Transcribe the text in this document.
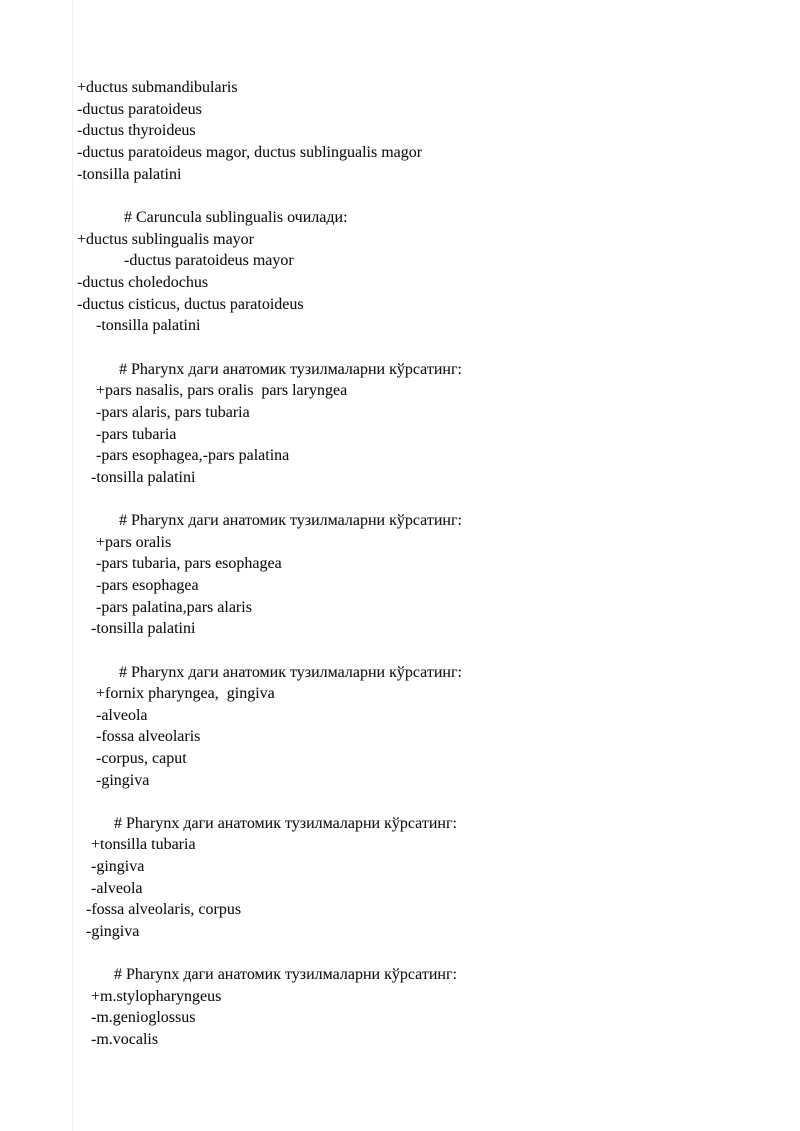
+ductus submandibularis
-ductus paratoideus
-ductus thyroideus
-ductus paratoideus magor, ductus sublingualis magor
-tonsilla palatini
# Caruncula sublingualis очилади:
+ductus sublingualis mayor
-ductus paratoideus mayor
-ductus choledochus
-ductus cisticus, ductus paratoideus
-tonsilla palatini
# Pharynx даги анатомик тузилмаларни кўрсатинг:
+pars nasalis, pars oralis  pars laryngea
-pars alaris, pars tubaria
-pars tubaria
-pars esophagea,-pars palatina
-tonsilla palatini
# Pharynx даги анатомик тузилмаларни кўрсатинг:
+pars oralis
-pars tubaria, pars esophagea
-pars esophagea
-pars palatina,pars alaris
-tonsilla palatini
# Pharynx даги анатомик тузилмаларни кўрсатинг:
+fornix pharyngea,  gingiva
-alveola
-fossa alveolaris
-corpus, caput
-gingiva
# Pharynx даги анатомик тузилмаларни кўрсатинг:
+tonsilla tubaria
-gingiva
-alveola
-fossa alveolaris, corpus
-gingiva
# Pharynx даги анатомик тузилмаларни кўрсатинг:
+m.stylopharyngeus
-m.genioglossus
-m.vocalis
